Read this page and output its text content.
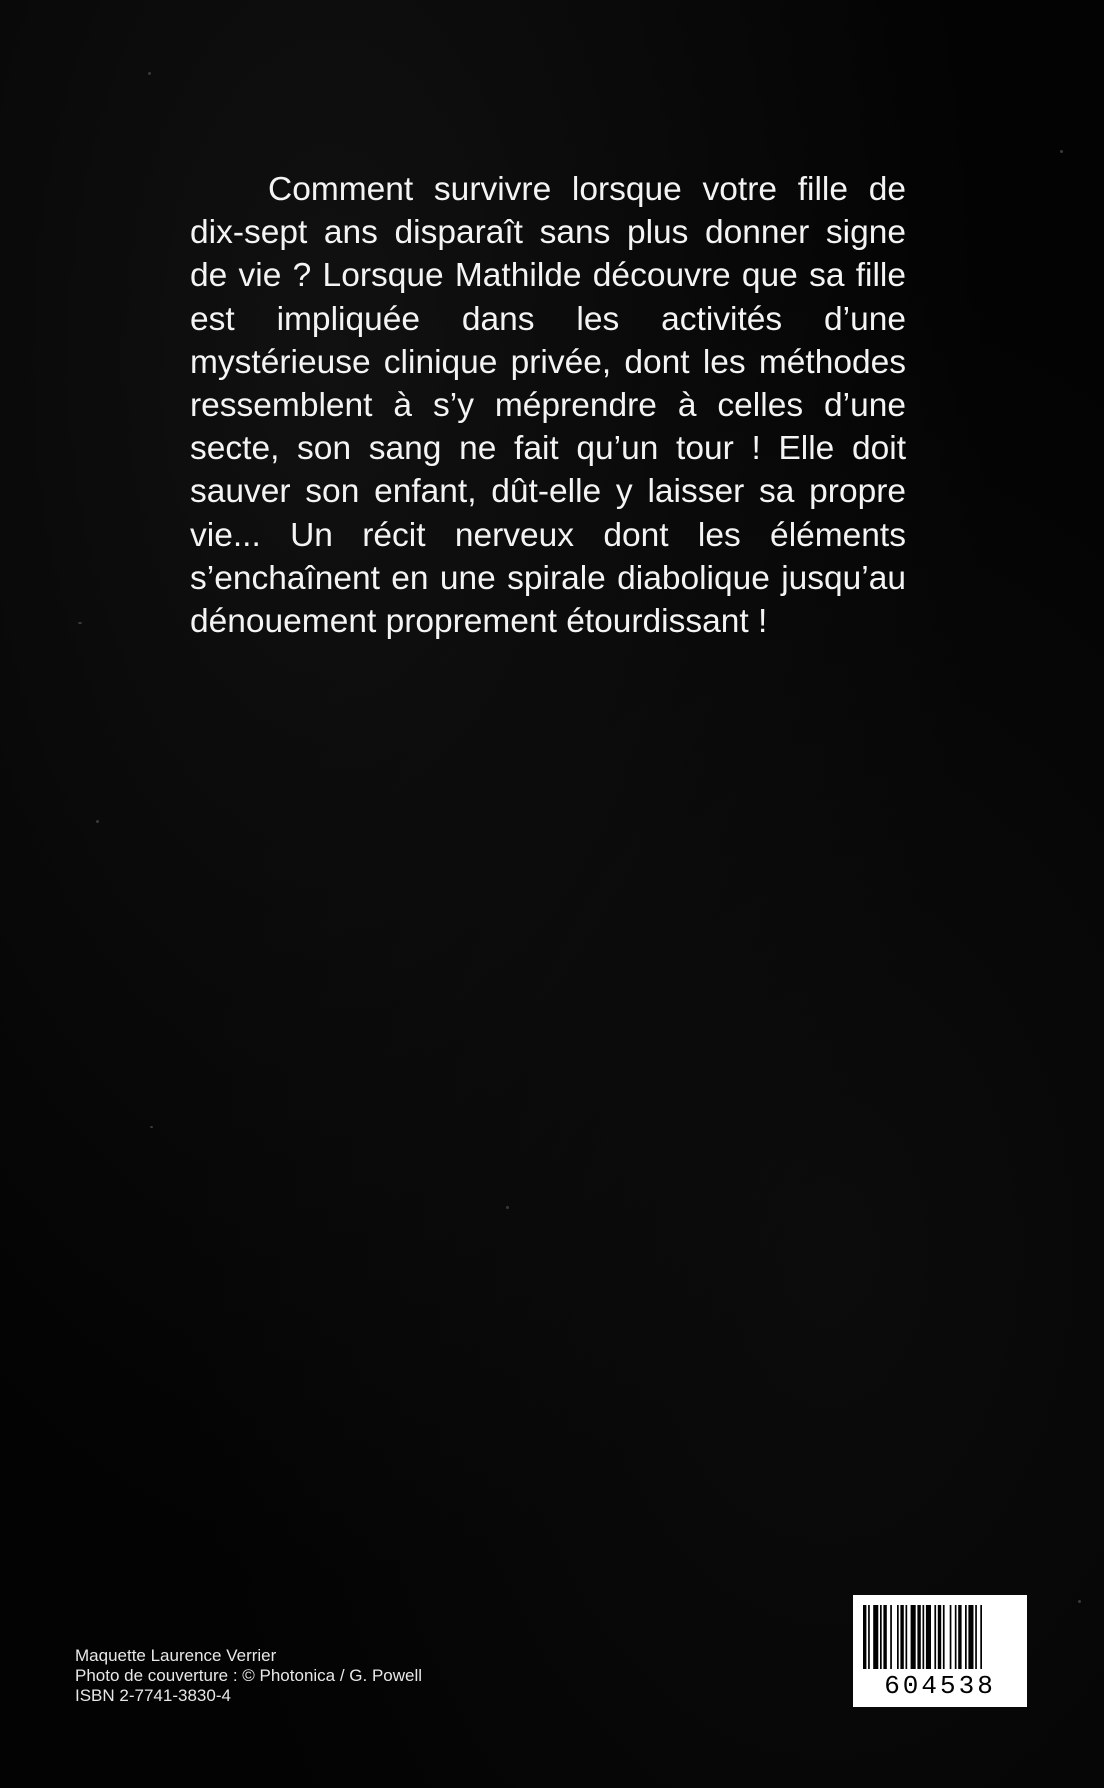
Comment survivre lorsque votre fille de dix-sept ans disparaît sans plus donner signe de vie ? Lorsque Mathilde découvre que sa fille est impliquée dans les activités d’une mystérieuse clinique privée, dont les méthodes ressemblent à s’y méprendre à celles d’une secte, son sang ne fait qu’un tour ! Elle doit sauver son enfant, dût-elle y laisser sa propre vie... Un récit nerveux dont les éléments s’enchaînent en une spirale diabolique jusqu’au dénouement proprement étourdissant !

Maquette Laurence Verrier
Photo de couverture : © Photonica / G. Powell
ISBN 2-7741-3830-4	604538
